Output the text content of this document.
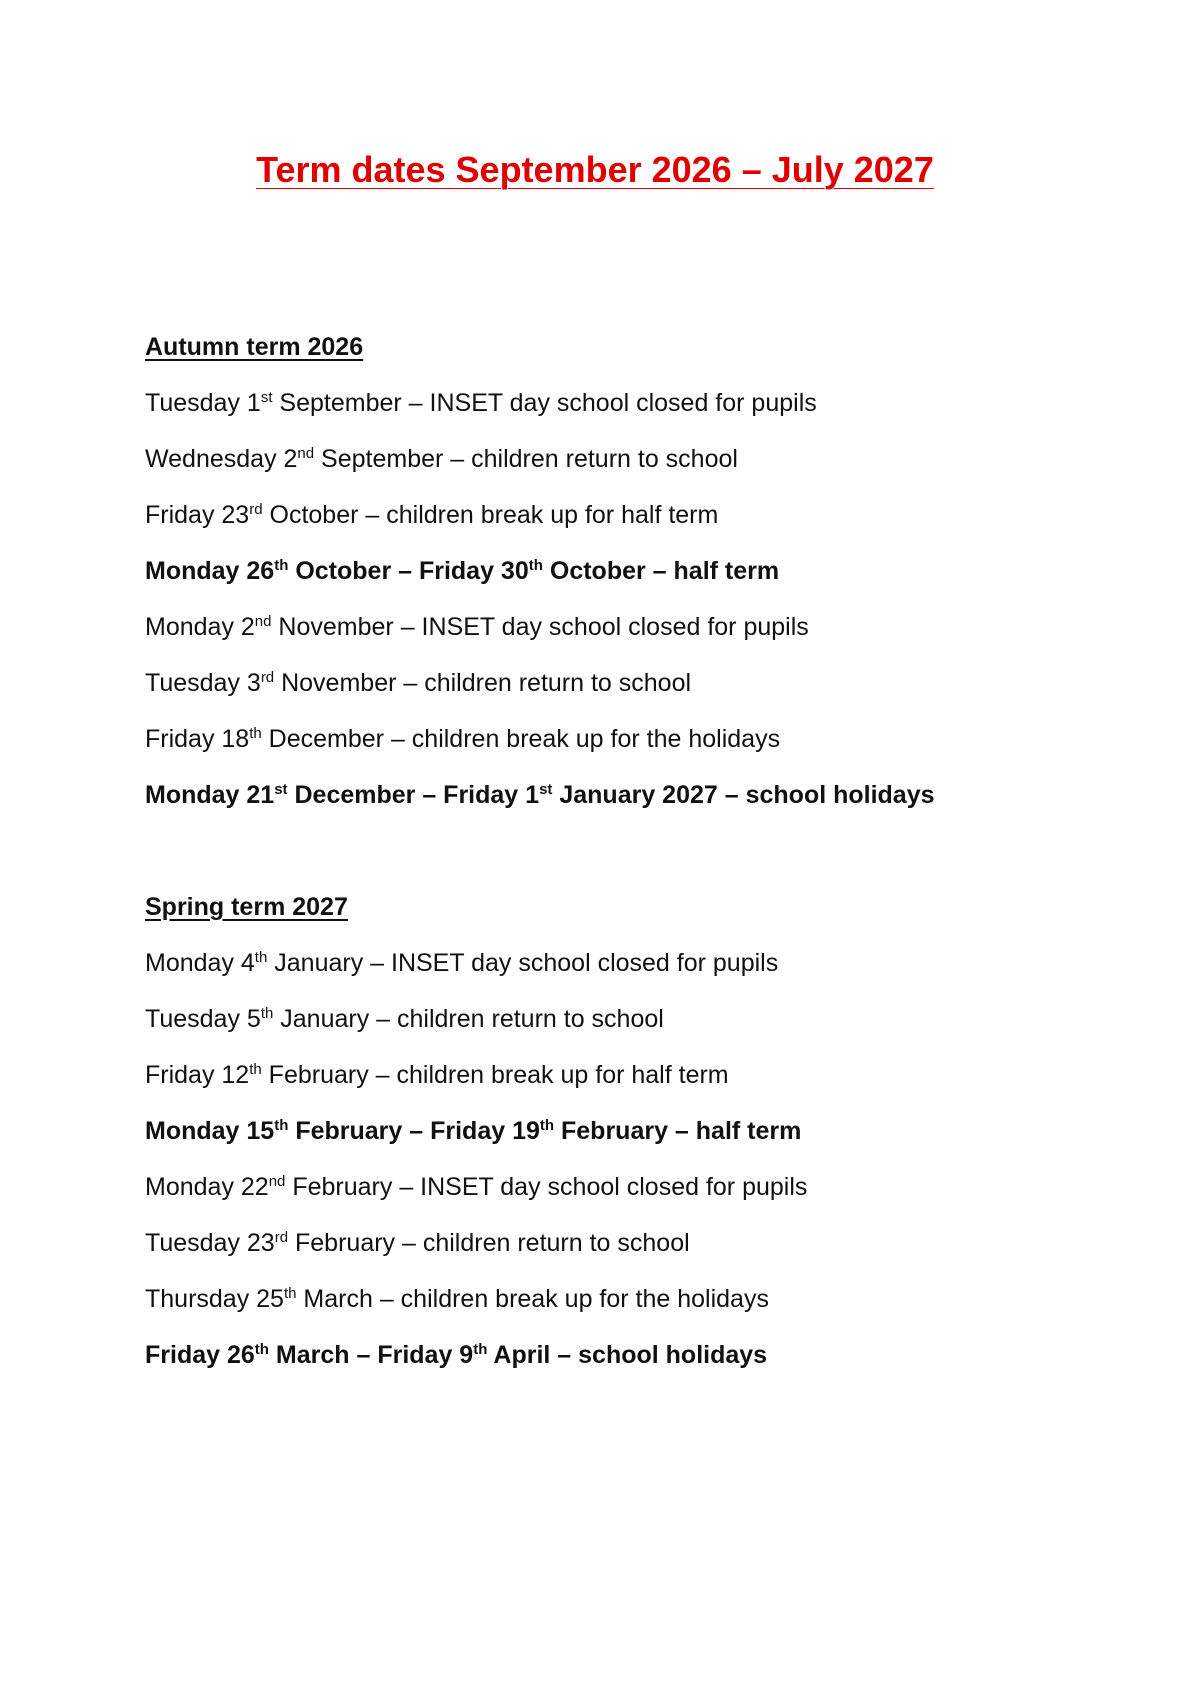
Term dates September 2026 – July 2027
Autumn term 2026
Tuesday 1st September – INSET day school closed for pupils
Wednesday 2nd September – children return to school
Friday 23rd October – children break up for half term
Monday 26th October – Friday 30th October – half term
Monday 2nd November – INSET day school closed for pupils
Tuesday 3rd November – children return to school
Friday 18th December – children break up for the holidays
Monday 21st December – Friday 1st January 2027 – school holidays
Spring term 2027
Monday 4th January – INSET day school closed for pupils
Tuesday 5th January – children return to school
Friday 12th February – children break up for half term
Monday 15th February – Friday 19th February – half term
Monday 22nd February – INSET day school closed for pupils
Tuesday 23rd February – children return to school
Thursday 25th March – children break up for the holidays
Friday 26th March – Friday 9th April – school holidays
